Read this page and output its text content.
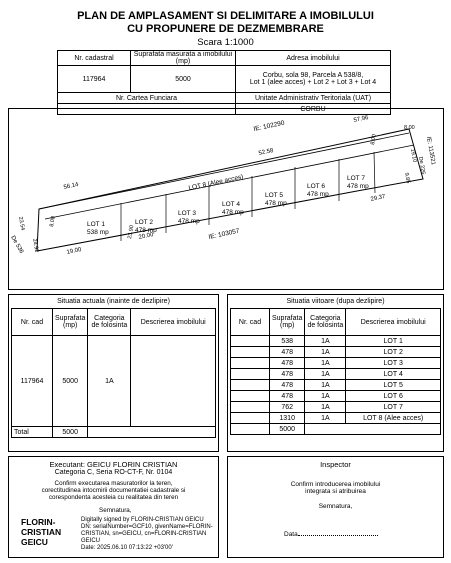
PLAN DE AMPLASAMENT SI DELIMITARE A IMOBILULUI
CU PROPUNERE DE DEZMEMBRARE
Scara 1:1000
Nr. cadastral	Suprafata masurata a imobilului (mp)	Adresa imobilului
117964	5000	Corbu, sola 98, Parcela A 538/8,
Lot 1 (alee acces) + Lot 2 + Lot 3 + Lot 4

Nr. Cartea Funciara		Unitate Administrativ Teritoriala (UAT)
		CORBU
IE: 102290
57.96
52.58
56.14	LOT 8 (Alee acces)
8.00
19.10 IE: 113521
De 226
9.85
8.00
8.00
23.54
24.92
De 536	19.00
20.00
29.37
IE: 103057
23.90
LOT 1
538 mp
LOT 2
478 mp
LOT 3
478 mp
LOT 4
478 mp
LOT 5
478 mp
LOT 6
478 mp
LOT 7
478 mp
Situatia actuala (inainte de dezlipire)
Nr. cad	Suprafata (mp)	Categoria de folosinta	Descrierea imobilului
117964	5000	1A	
Total	5000		
Situatia viitoare (dupa dezlipire)
Nr. cad	Suprafata (mp)	Categoria de folosinta	Descrierea imobilului
	538	1A	LOT 1
	478	1A	LOT 2
	478	1A	LOT 3
	478	1A	LOT 4
	478	1A	LOT 5
	478	1A	LOT 6
	762	1A	LOT 7
	1310	1A	LOT 8 (Alee acces)
	5000		
Executant: GEICU FLORIN CRISTIAN
Categoria C, Seria RO-CT-F, Nr. 0104
Confirm executarea masuratorilor la teren,
corectitudinea intocmirii documentatiei cadastrale si
corespondenta acesteia cu realitatea din teren
Semnatura,
FLORIN-
CRISTIAN
GEICU
Digitally signed by FLORIN-CRISTIAN GEICU
DN: serialNumber=GCF10, givenName=FLORIN-
CRISTIAN, sn=GEICU, cn=FLORIN-CRISTIAN
GEICU
Date: 2025.06.10 07:13:22 +03'00'
Inspector
Confirm introducerea imobilului
integrata si atribuirea
Semnatura,
Data
